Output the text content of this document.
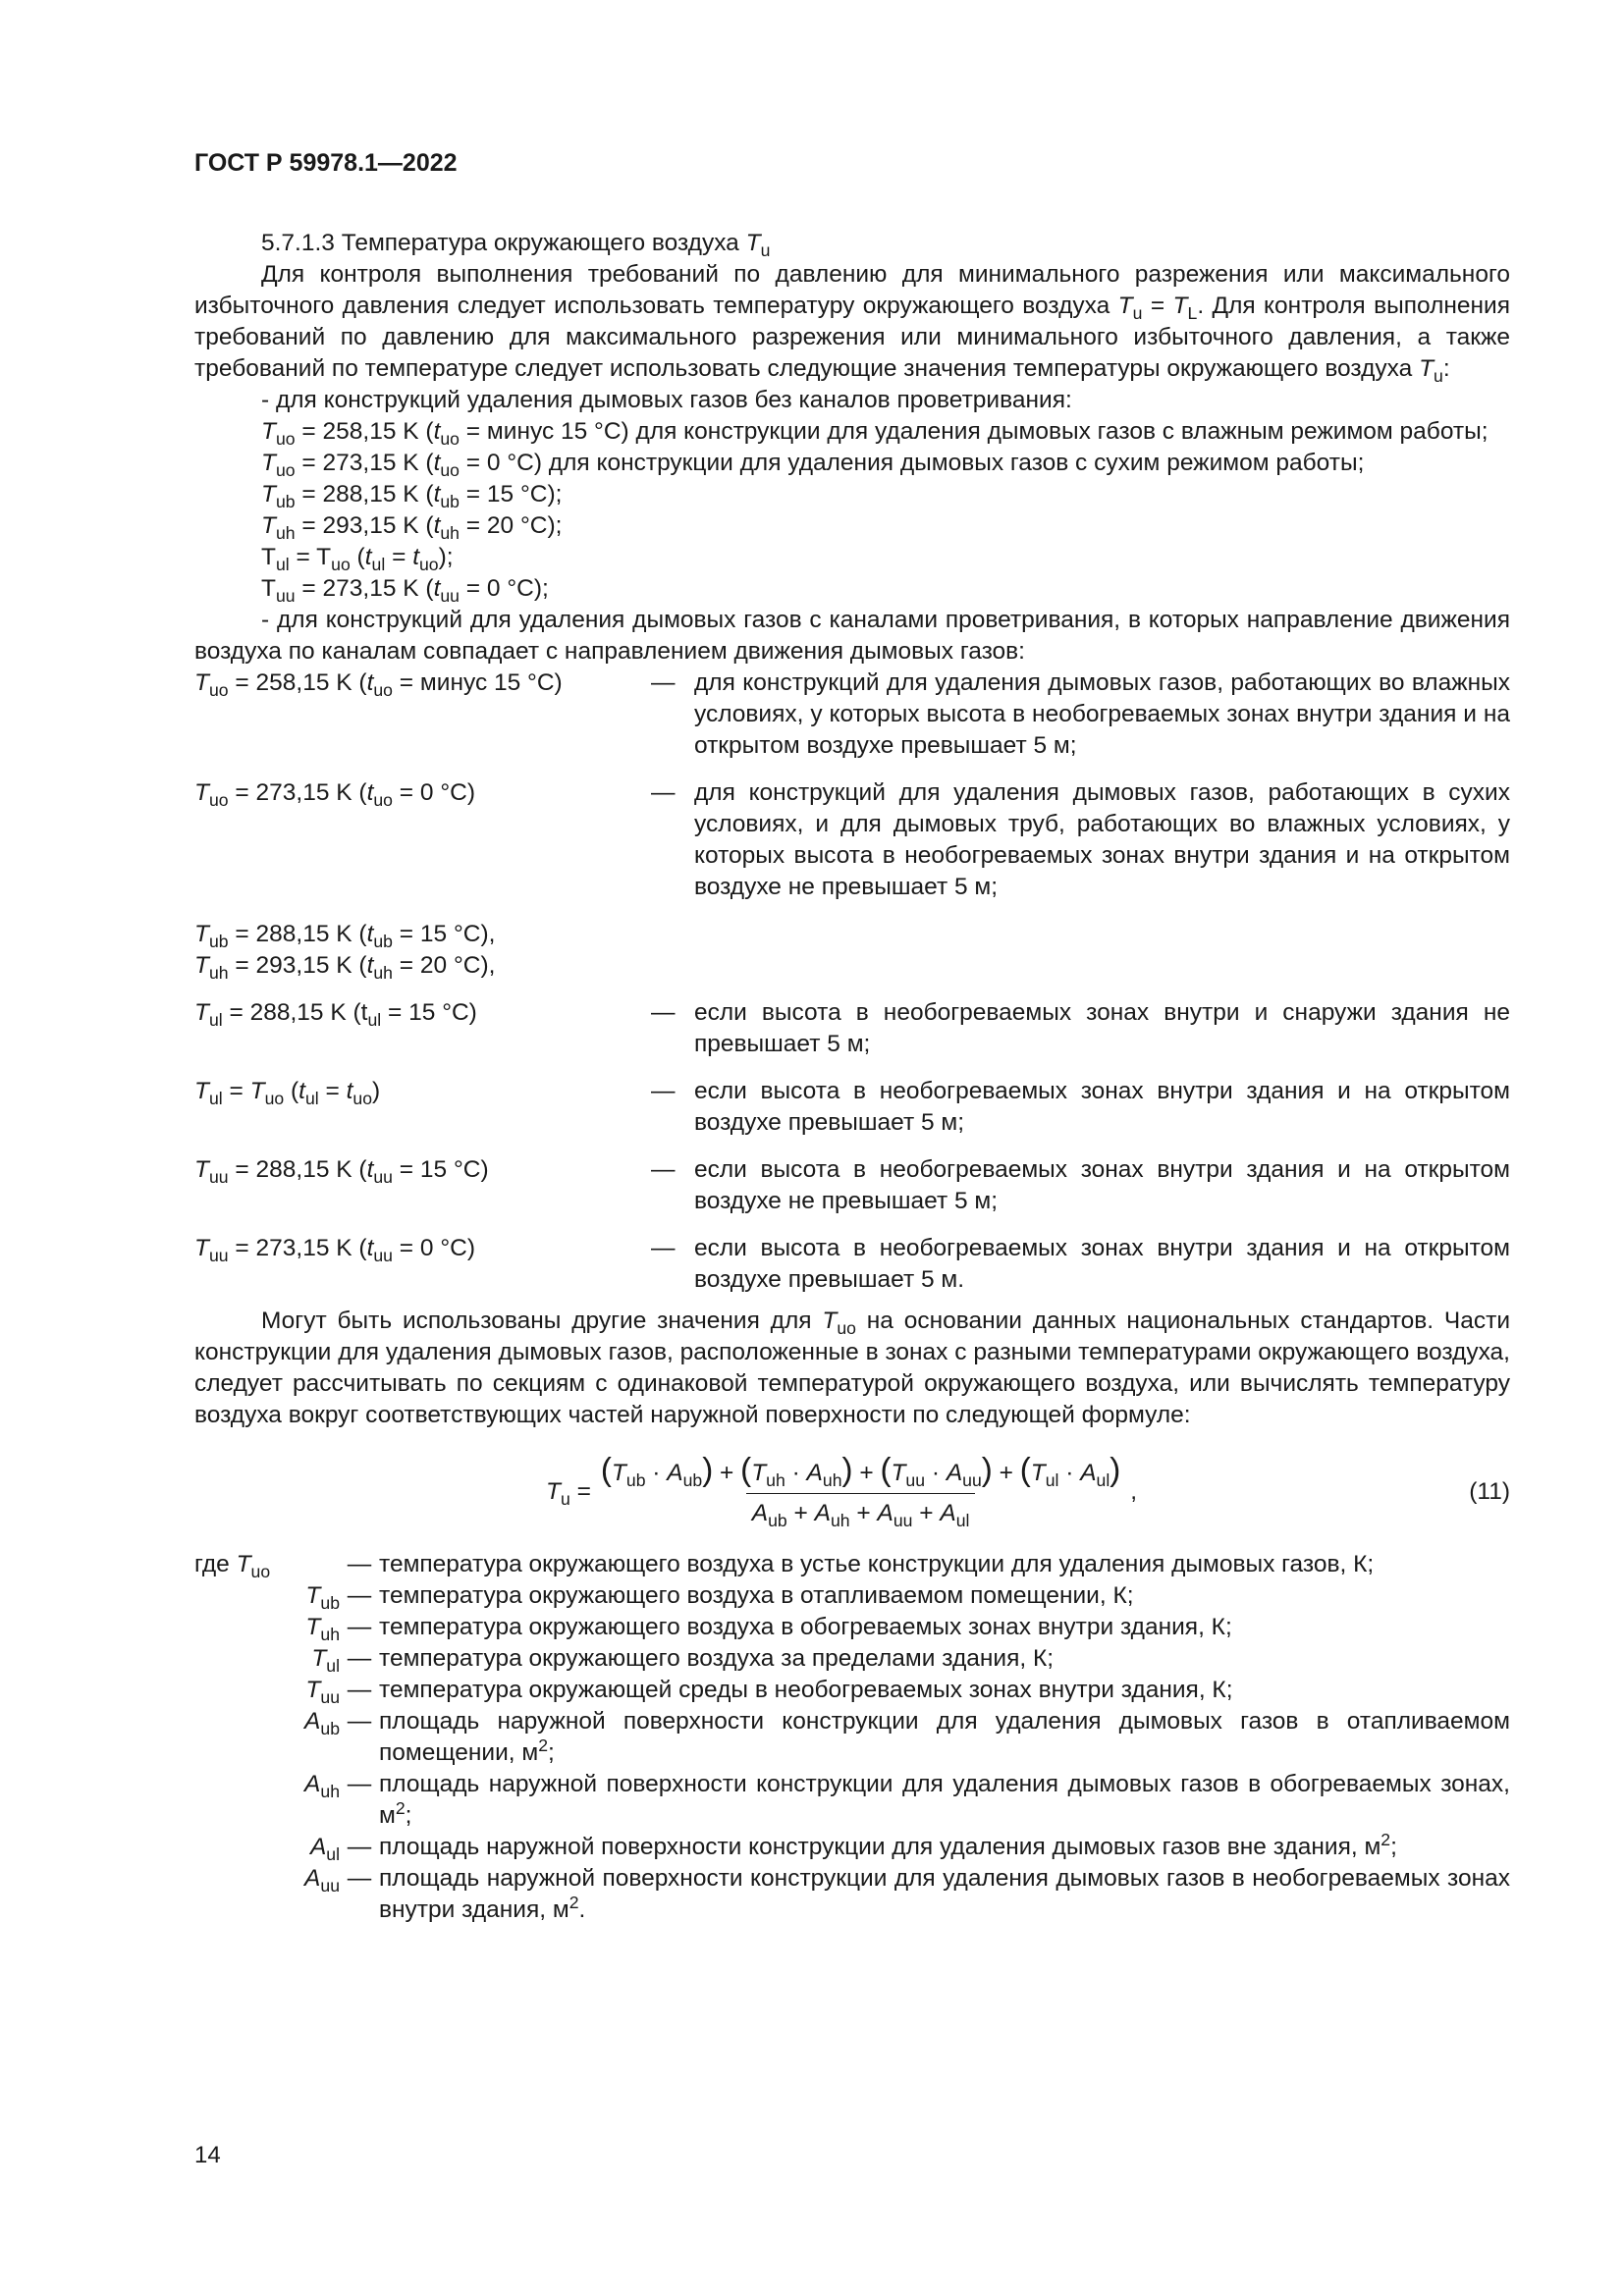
ГОСТ Р 59978.1—2022

5.7.1.3 Температура окружающего воздуха $T_u$

Для контроля выполнения требований по давлению для минимального разрежения или максимального избыточного давления следует использовать температуру окружающего воздуха $T_u = T_L$. Для контроля выполнения требований по давлению для максимального разрежения или минимального избыточного давления, а также требований по температуре следует использовать следующие значения температуры окружающего воздуха $T_u$:

- для конструкций удаления дымовых газов без каналов проветривания:

$T_{uo} = 258,15$ K ($t_{uo}$ = минус 15 °C) для конструкции для удаления дымовых газов с влажным режимом работы;

$T_{uo} = 273,15$ K ($t_{uo} = 0$ °C) для конструкции для удаления дымовых газов с сухим режимом работы;

$T_{ub} = 288,15$ K ($t_{ub} = 15$ °C);

$T_{uh} = 293,15$ K ($t_{uh} = 20$ °C);

$T_{ul} = T_{uo}$ $(t_{ul} = t_{uo})$;

$T_{uu} = 273,15$ K ($t_{uu} = 0$ °C);

- для конструкций для удаления дымовых газов с каналами проветривания, в которых направление движения воздуха по каналам совпадает с направлением движения дымовых газов:

$T_{uo} = 258,15$ K ($t_{uo}$ = минус 15 °C)	— для конструкций для удаления дымовых газов, работающих во влажных условиях, у которых высота в необогреваемых зонах внутри здания и на открытом воздухе превышает 5 м;
$T_{uo} = 273,15$ K ($t_{uo} = 0$ °C)	— для конструкций для удаления дымовых газов, работающих в сухих условиях, и для дымовых труб, работающих во влажных условиях, у которых высота в необогреваемых зонах внутри здания и на открытом воздухе не превышает 5 м;
$T_{ub} = 288,15$ K ($t_{ub} = 15$ °C),
$T_{uh} = 293,15$ K ($t_{uh} = 20$ °C),
$T_{ul} = 288,15$ K ($t_{ul} = 15$ °C)	— если высота в необогреваемых зонах внутри и снаружи здания не превышает 5 м;
$T_{ul} = T_{uo}$ $(t_{ul} = t_{uo})$	— если высота в необогреваемых зонах внутри здания и на открытом воздухе превышает 5 м;
$T_{uu} = 288,15$ K ($t_{uu} = 15$ °C)	— если высота в необогреваемых зонах внутри здания и на открытом воздухе не превышает 5 м;
$T_{uu} = 273,15$ K ($t_{uu} = 0$ °C)	— если высота в необогреваемых зонах внутри здания и на открытом воздухе превышает 5 м.

Могут быть использованы другие значения для $T_{uo}$ на основании данных национальных стандартов. Части конструкции для удаления дымовых газов, расположенные в зонах с разными температурами окружающего воздуха, следует рассчитывать по секциям с одинаковой температурой окружающего воздуха, или вычислять температуру воздуха вокруг соответствующих частей наружной поверхности по следующей формуле:

$T_u = \frac{(T_{ub} \cdot A_{ub}) + (T_{uh} \cdot A_{uh}) + (T_{uu} \cdot A_{uu}) + (T_{ul} \cdot A_{ul})}{A_{ub} + A_{uh} + A_{uu} + A_{ul}}$ ,	(11)
где $T_{uo}$	— температура окружающего воздуха в устье конструкции для удаления дымовых газов, К;
$T_{ub}$ — температура окружающего воздуха в отапливаемом помещении, К;
$T_{uh}$ — температура окружающего воздуха в обогреваемых зонах внутри здания, К;
$T_{ul}$ — температура окружающего воздуха за пределами здания, К;
$T_{uu}$ — температура окружающей среды в необогреваемых зонах внутри здания, К;
$A_{ub}$ — площадь наружной поверхности конструкции для удаления дымовых газов в отапливаемом помещении, $м^2$;
$A_{uh}$ — площадь наружной поверхности конструкции для удаления дымовых газов в обогреваемых зонах, $м^2$;
$A_{ul}$ — площадь наружной поверхности конструкции для удаления дымовых газов вне здания, $м^2$;
$A_{uu}$ — площадь наружной поверхности конструкции для удаления дымовых газов в необогреваемых зонах внутри здания, $м^2$.
14
